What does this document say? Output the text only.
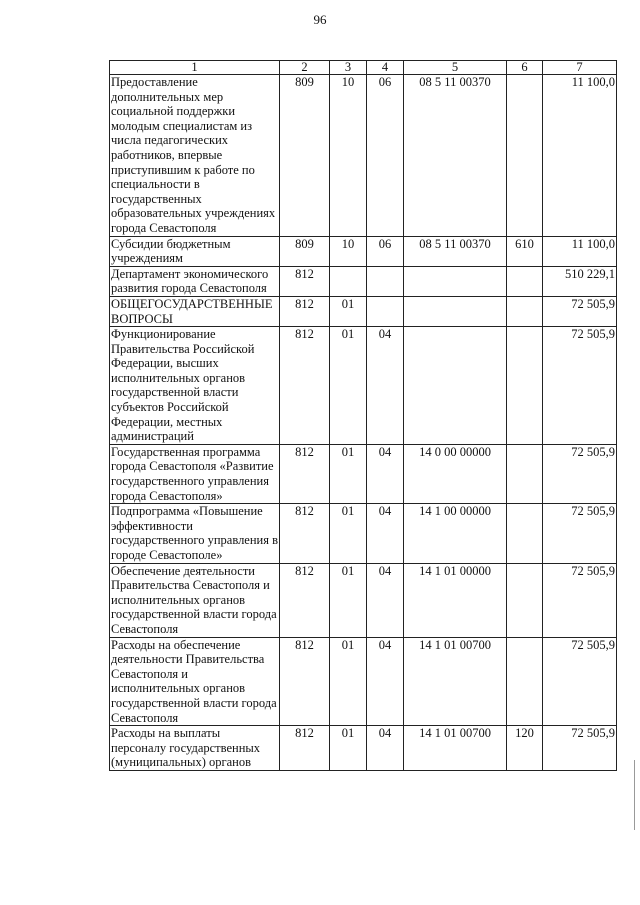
96
1	2	3	4	5	6	7
Предоставление дополнительных мер социальной поддержки молодым специалистам из числа педагогических работников, впервые приступившим к работе по специальности в государственных образовательных учреждениях города Севастополя	809	10	06	08 5 11 00370		11 100,0
Субсидии бюджетным учреждениям	809	10	06	08 5 11 00370	610	11 100,0
Департамент экономического развития города Севастополя	812					510 229,1
ОБЩЕГОСУДАРСТВЕННЫЕ ВОПРОСЫ	812	01				72 505,9
Функционирование Правительства Российской Федерации, высших исполнительных органов государственной власти субъектов Российской Федерации, местных администраций	812	01	04			72 505,9
Государственная программа города Севастополя «Развитие государственного управления города Севастополя»	812	01	04	14 0 00 00000		72 505,9
Подпрограмма «Повышение эффективности государственного управления в городе Севастополе»	812	01	04	14 1 00 00000		72 505,9
Обеспечение деятельности Правительства Севастополя и исполнительных органов государственной власти города Севастополя	812	01	04	14 1 01 00000		72 505,9
Расходы на обеспечение деятельности Правительства Севастополя и исполнительных органов государственной власти города Севастополя	812	01	04	14 1 01 00700		72 505,9
Расходы на выплаты персоналу государственных (муниципальных) органов	812	01	04	14 1 01 00700	120	72 505,9
